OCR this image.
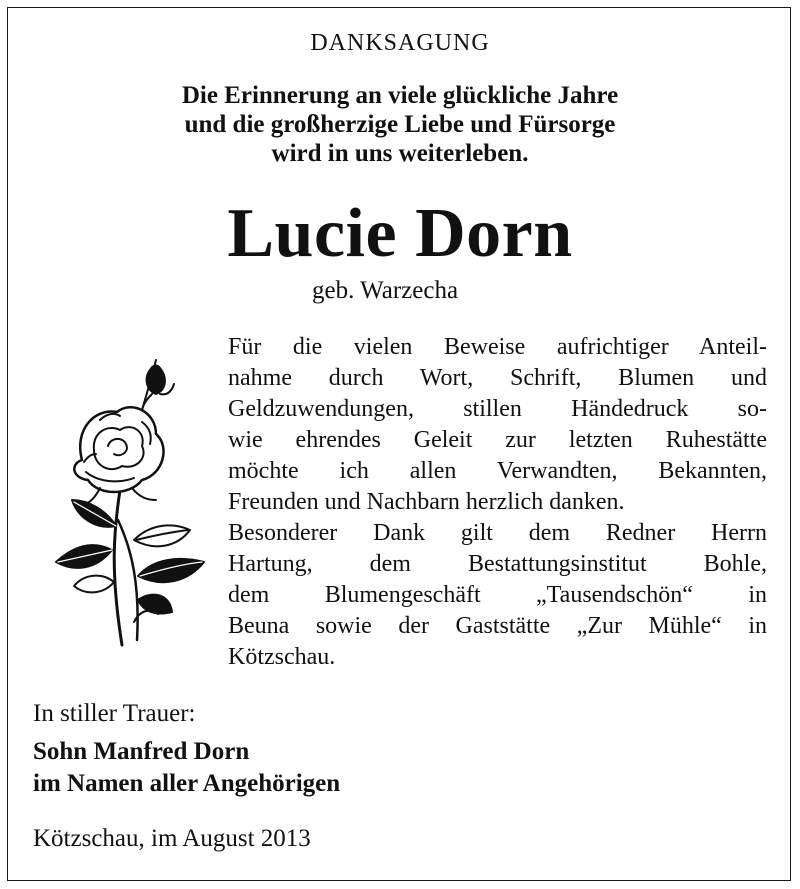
DANKSAGUNG
Die Erinnerung an viele glückliche Jahre
und die großherzige Liebe und Fürsorge
wird in uns weiterleben.
Lucie Dorn
geb. Warzecha
Für die vielen Beweise aufrichtiger Anteil-
nahme durch Wort, Schrift, Blumen und
Geldzuwendungen, stillen Händedruck so-
wie ehrendes Geleit zur letzten Ruhestätte
möchte ich allen Verwandten, Bekannten,
Freunden und Nachbarn herzlich danken.
Besonderer Dank gilt dem Redner Herrn
Hartung, dem Bestattungsinstitut Bohle,
dem Blumengeschäft „Tausendschön“ in
Beuna sowie der Gaststätte „Zur Mühle“ in
Kötzschau.
In stiller Trauer:
Sohn Manfred Dorn
im Namen aller Angehörigen
Kötzschau, im August 2013
